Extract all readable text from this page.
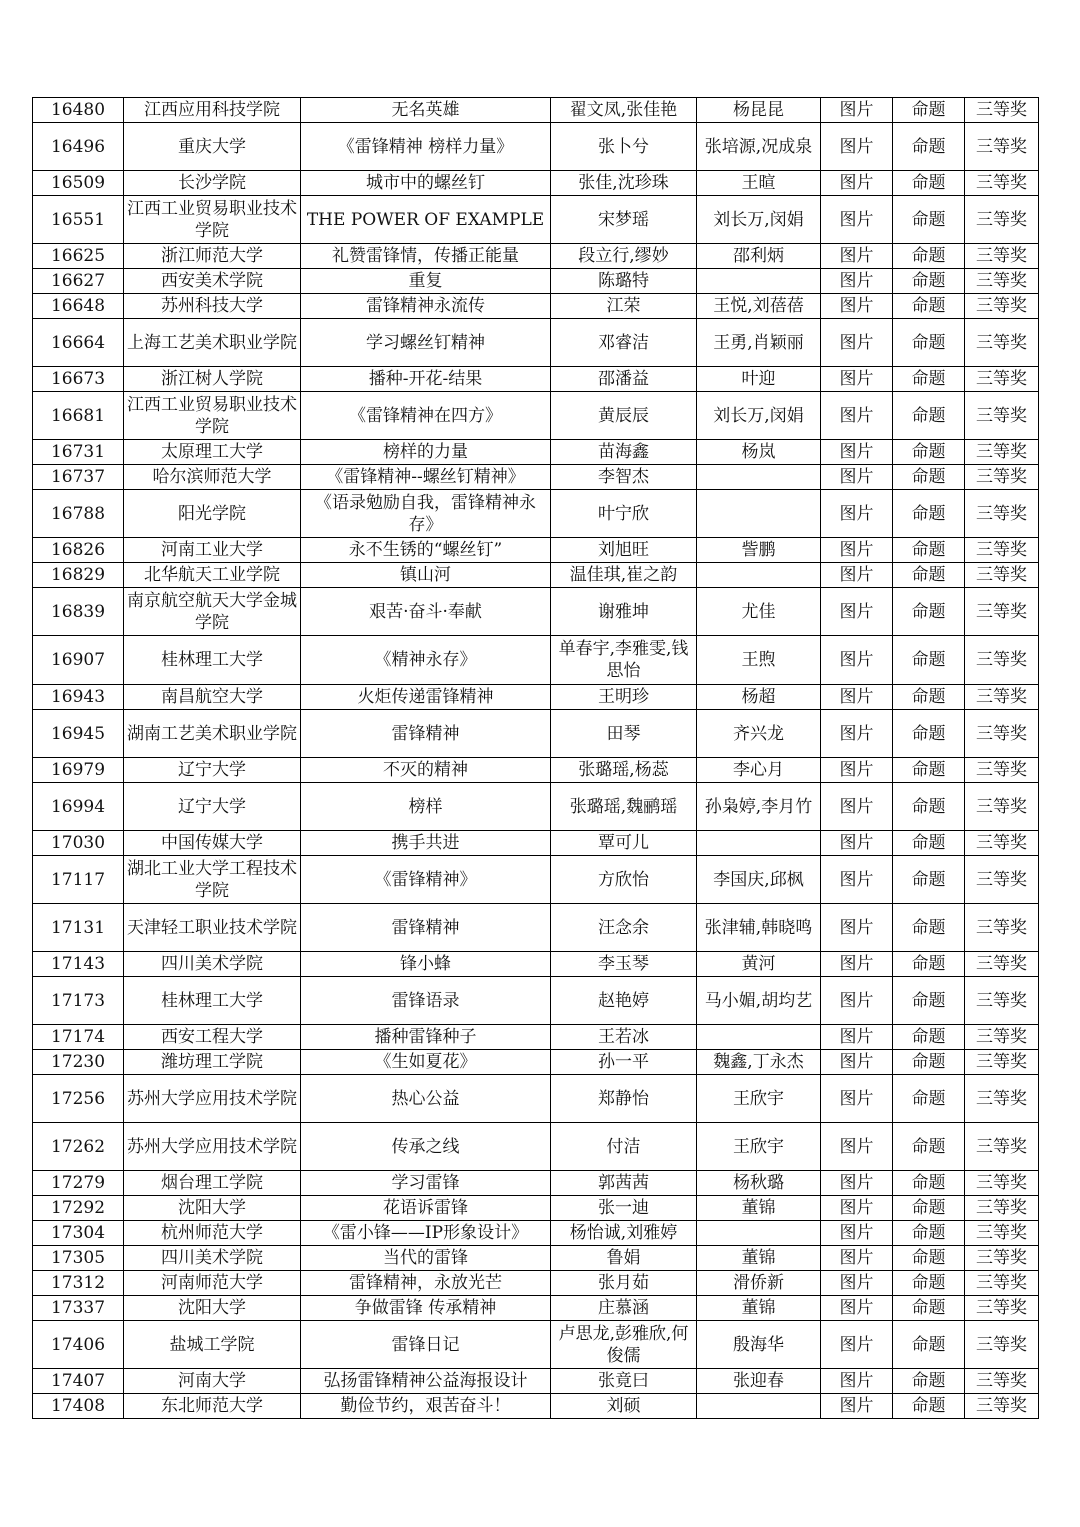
16480	江西应用科技学院	无名英雄	翟文凤,张佳艳	杨昆昆	图片	命题	三等奖
16496	重庆大学	《雷锋精神 榜样力量》	张卜兮	张培源,况成泉	图片	命题	三等奖
16509	长沙学院	城市中的螺丝钉	张佳,沈珍珠	王暄	图片	命题	三等奖
16551	江西工业贸易职业技术学院	THE POWER OF EXAMPLE	宋梦瑶	刘长万,闵娟	图片	命题	三等奖
16625	浙江师范大学	礼赞雷锋情，传播正能量	段立行,缪妙	邵利炳	图片	命题	三等奖
16627	西安美术学院	重复	陈璐特		图片	命题	三等奖
16648	苏州科技大学	雷锋精神永流传	江荣	王悦,刘蓓蓓	图片	命题	三等奖
16664	上海工艺美术职业学院	学习螺丝钉精神	邓睿洁	王勇,肖颖丽	图片	命题	三等奖
16673	浙江树人学院	播种-开花-结果	邵潘益	叶迎	图片	命题	三等奖
16681	江西工业贸易职业技术学院	《雷锋精神在四方》	黄辰辰	刘长万,闵娟	图片	命题	三等奖
16731	太原理工大学	榜样的力量	苗海鑫	杨岚	图片	命题	三等奖
16737	哈尔滨师范大学	《雷锋精神--螺丝钉精神》	李智杰		图片	命题	三等奖
16788	阳光学院	《语录勉励自我，雷锋精神永存》	叶宁欣		图片	命题	三等奖
16826	河南工业大学	永不生锈的“螺丝钉”	刘旭旺	訾鹏	图片	命题	三等奖
16829	北华航天工业学院	镇山河	温佳琪,崔之韵		图片	命题	三等奖
16839	南京航空航天大学金城学院	艰苦·奋斗·奉献	谢雅坤	尤佳	图片	命题	三等奖
16907	桂林理工大学	《精神永存》	单春宇,李雅雯,钱思怡	王煦	图片	命题	三等奖
16943	南昌航空大学	火炬传递雷锋精神	王明珍	杨超	图片	命题	三等奖
16945	湖南工艺美术职业学院	雷锋精神	田琴	齐兴龙	图片	命题	三等奖
16979	辽宁大学	不灭的精神	张璐瑶,杨蕊	李心月	图片	命题	三等奖
16994	辽宁大学	榜样	张璐瑶,魏鹂瑶	孙枭婷,李月竹	图片	命题	三等奖
17030	中国传媒大学	携手共进	覃可儿		图片	命题	三等奖
17117	湖北工业大学工程技术学院	《雷锋精神》	方欣怡	李国庆,邱枫	图片	命题	三等奖
17131	天津轻工职业技术学院	雷锋精神	汪念余	张津辅,韩晓鸣	图片	命题	三等奖
17143	四川美术学院	锋小蜂	李玉琴	黄河	图片	命题	三等奖
17173	桂林理工大学	雷锋语录	赵艳婷	马小媚,胡均艺	图片	命题	三等奖
17174	西安工程大学	播种雷锋种子	王若冰		图片	命题	三等奖
17230	潍坊理工学院	《生如夏花》	孙一平	魏鑫,丁永杰	图片	命题	三等奖
17256	苏州大学应用技术学院	热心公益	郑静怡	王欣宇	图片	命题	三等奖
17262	苏州大学应用技术学院	传承之线	付洁	王欣宇	图片	命题	三等奖
17279	烟台理工学院	学习雷锋	郭茜茜	杨秋璐	图片	命题	三等奖
17292	沈阳大学	花语诉雷锋	张一迪	董锦	图片	命题	三等奖
17304	杭州师范大学	《雷小锋——IP形象设计》	杨怡诚,刘雅婷		图片	命题	三等奖
17305	四川美术学院	当代的雷锋	鲁娟	董锦	图片	命题	三等奖
17312	河南师范大学	雷锋精神，永放光芒	张月茹	滑侨新	图片	命题	三等奖
17337	沈阳大学	争做雷锋 传承精神	庄慕涵	董锦	图片	命题	三等奖
17406	盐城工学院	雷锋日记	卢思龙,彭雅欣,何俊儒	殷海华	图片	命题	三等奖
17407	河南大学	弘扬雷锋精神公益海报设计	张竟曰	张迎春	图片	命题	三等奖
17408	东北师范大学	勤俭节约，艰苦奋斗！	刘硕		图片	命题	三等奖
